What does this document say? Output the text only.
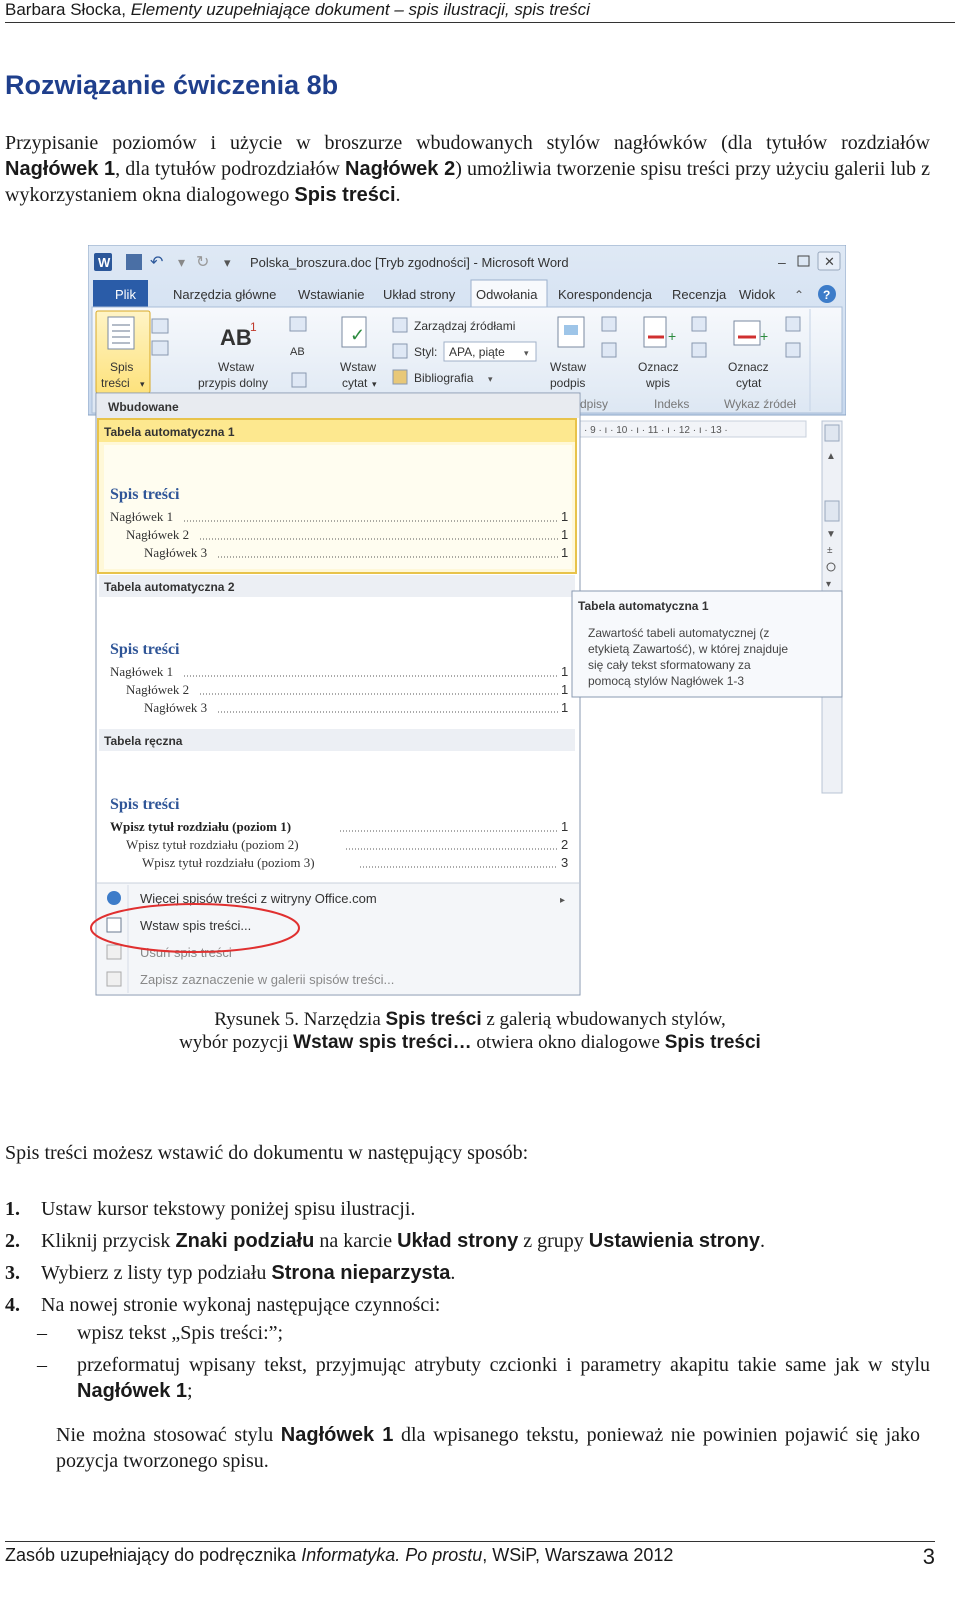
Barbara Słocka, Elementy uzupełniające dokument – spis ilustracji, spis treści
Rozwiązanie ćwiczenia 8b

Przypisanie poziomów i użycie w broszurze wbudowanych stylów nagłówków (dla tytułów rozdziałów Nagłówek 1, dla tytułów podrozdziałów Nagłówek 2) umożliwia tworzenie spisu treści przy użyciu galerii lub z wykorzystaniem okna dialogowego Spis treści.

W ↶ ▾ ↻ ▾ Polska_broszura.doc [Tryb zgodności] - Microsoft Word	–	✕
Plik	Narzędzia główne Wstawianie Układ strony Odwołania Korespondencja Recenzja Widok ⌃ ?
Spis
treści ▾
AB
1
Wstaw
przypis dolny
AB
✓
Wstaw
cytat ▾
Zarządzaj źródłami
Styl: APA, piąte ▾
Bibliografia ▾
Wstaw
podpis
+
Oznacz
wpis
+
Oznacz
cytat
dpisy	Indeks	Wykaz źródeł
· 9 · ı · 10 · ı · 11 · ı · 12 · ı · 13 ·
▲
▼
±
▾
Wbudowane
Tabela automatyczna 1
Spis treści
Nagłówek 1	1
Nagłówek 2	1
Nagłówek 3	1
Tabela automatyczna 2
Spis treści
Nagłówek 1	1
Nagłówek 2	1
Nagłówek 3	1
Tabela ręczna
Spis treści
Wpisz tytuł rozdziału (poziom 1)	1
Wpisz tytuł rozdziału (poziom 2)	2
Wpisz tytuł rozdziału (poziom 3)	3
Więcej spisów treści z witryny Office.com	▸
Wstaw spis treści...
Usuń spis treści
Zapisz zaznaczenie w galerii spisów treści...
Tabela automatyczna 1
Zawartość tabeli automatycznej (z
etykietą Zawartość), w której znajduje
się cały tekst sformatowany za
pomocą stylów Nagłówek 1-3
Rysunek 5. Narzędzia Spis treści z galerią wbudowanych stylów,
wybór pozycji Wstaw spis treści… otwiera okno dialogowe Spis treści

Spis treści możesz wstawić do dokumentu w następujący sposób:

1. Ustaw kursor tekstowy poniżej spisu ilustracji.
2. Kliknij przycisk Znaki podziału na karcie Układ strony z grupy Ustawienia strony.
3. Wybierz z listy typ podziału Strona nieparzysta.
4. Na nowej stronie wykonaj następujące czynności:
– wpisz tekst „Spis treści:”;
– przeformatuj wpisany tekst, przyjmując atrybuty czcionki i parametry akapitu takie same jak w stylu Nagłówek 1;

Nie można stosować stylu Nagłówek 1 dla wpisanego tekstu, ponieważ nie powinien pojawić się jako pozycja tworzonego spisu.

Zasób uzupełniający do podręcznika Informatyka. Po prostu, WSiP, Warszawa 2012	3
